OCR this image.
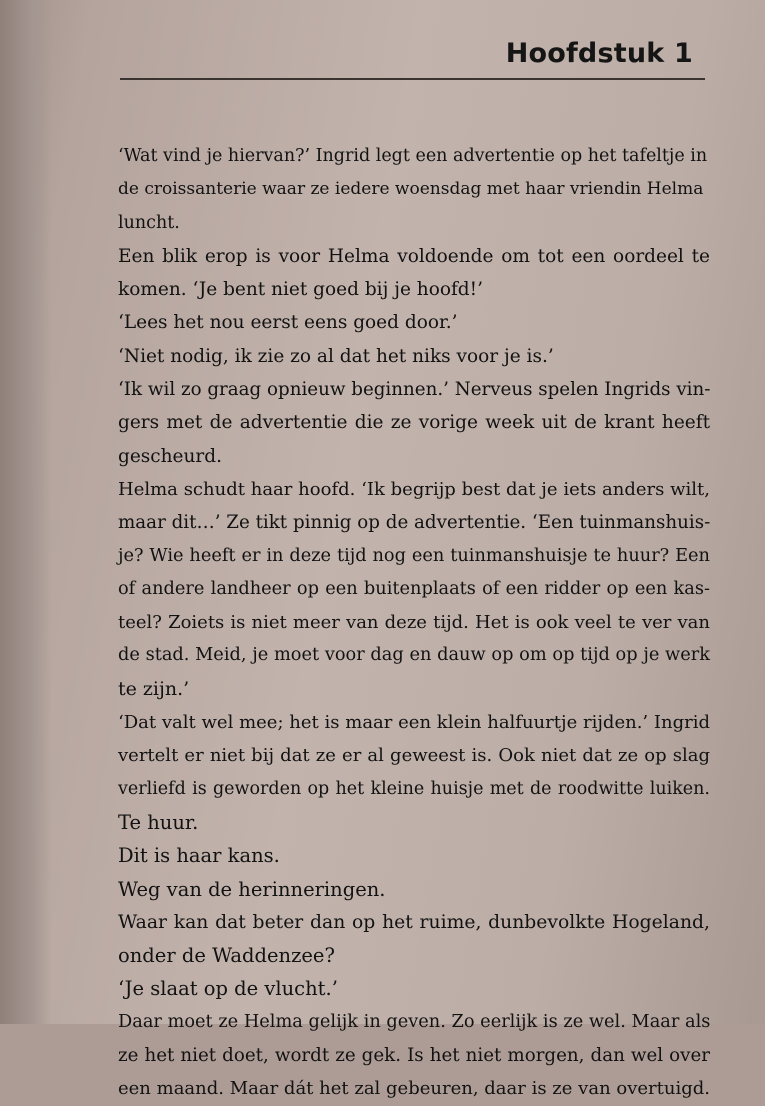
Hoofdstuk 1

‘Wat vind je hiervan?’ Ingrid legt een advertentie op het tafeltje in

de croissanterie waar ze iedere woensdag met haar vriendin Helma

luncht.

Een blik erop is voor Helma voldoende om tot een oordeel te

komen. ‘Je bent niet goed bij je hoofd!’

‘Lees het nou eerst eens goed door.’

‘Niet nodig, ik zie zo al dat het niks voor je is.’

‘Ik wil zo graag opnieuw beginnen.’ Nerveus spelen Ingrids vin-

gers met de advertentie die ze vorige week uit de krant heeft

gescheurd.

Helma schudt haar hoofd. ‘Ik begrijp best dat je iets anders wilt,

maar dit…’ Ze tikt pinnig op de advertentie. ‘Een tuinmanshuis-

je? Wie heeft er in deze tijd nog een tuinmanshuisje te huur? Een

of andere landheer op een buitenplaats of een ridder op een kas-

teel? Zoiets is niet meer van deze tijd. Het is ook veel te ver van

de stad. Meid, je moet voor dag en dauw op om op tijd op je werk

te zijn.’

‘Dat valt wel mee; het is maar een klein halfuurtje rijden.’ Ingrid

vertelt er niet bij dat ze er al geweest is. Ook niet dat ze op slag

verliefd is geworden op het kleine huisje met de roodwitte luiken.

Te huur.

Dit is haar kans.

Weg van de herinneringen.

Waar kan dat beter dan op het ruime, dunbevolkte Hogeland,

onder de Waddenzee?

‘Je slaat op de vlucht.’

Daar moet ze Helma gelijk in geven. Zo eerlijk is ze wel. Maar als

ze het niet doet, wordt ze gek. Is het niet morgen, dan wel over

een maand. Maar dát het zal gebeuren, daar is ze van overtuigd.
